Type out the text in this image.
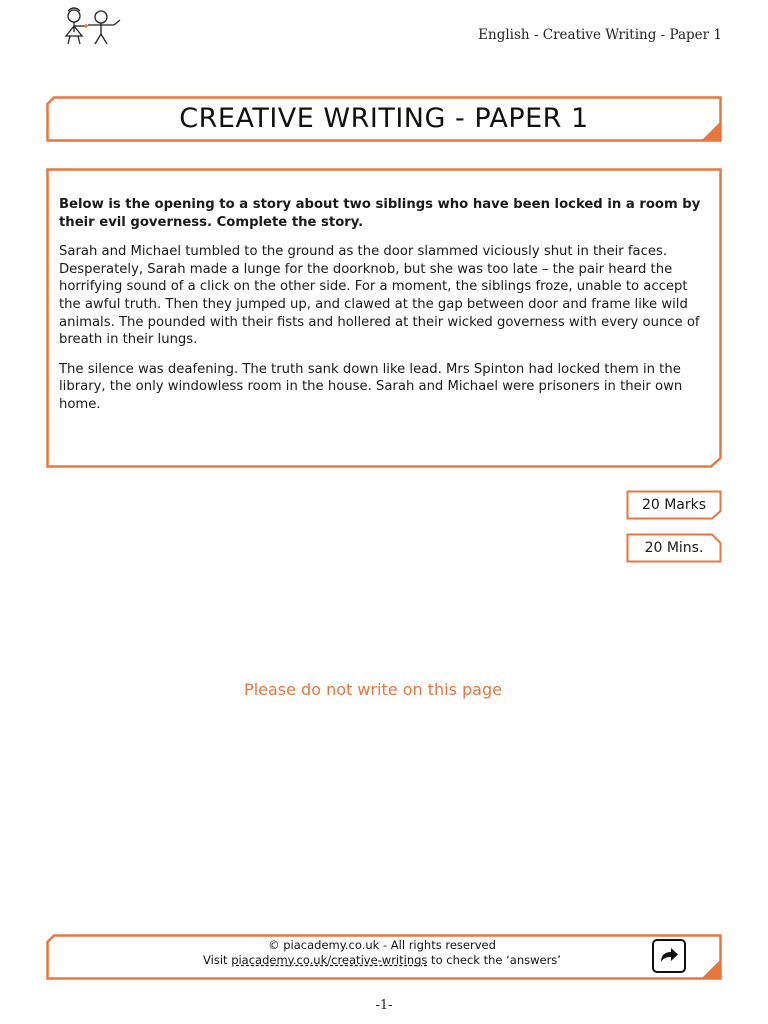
English - Creative Writing - Paper 1
CREATIVE WRITING - PAPER 1

Below is the opening to a story about two siblings who have been locked in a room by their evil governess. Complete the story.

Sarah and Michael tumbled to the ground as the door slammed viciously shut in their faces. Desperately, Sarah made a lunge for the doorknob, but she was too late – the pair heard the horrifying sound of a click on the other side. For a moment, the siblings froze, unable to accept the awful truth. Then they jumped up, and clawed at the gap between door and frame like wild animals. The pounded with their fists and hollered at their wicked governess with every ounce of breath in their lungs.

The silence was deafening. The truth sank down like lead. Mrs Spinton had locked them in the library, the only windowless room in the house. Sarah and Michael were prisoners in their own home.

20 Marks
20 Mins.
Please do not write on this page
© piacademy.co.uk - All rights reserved
Visit piacademy.co.uk/creative-writings to check the ‘answers’
-1-
